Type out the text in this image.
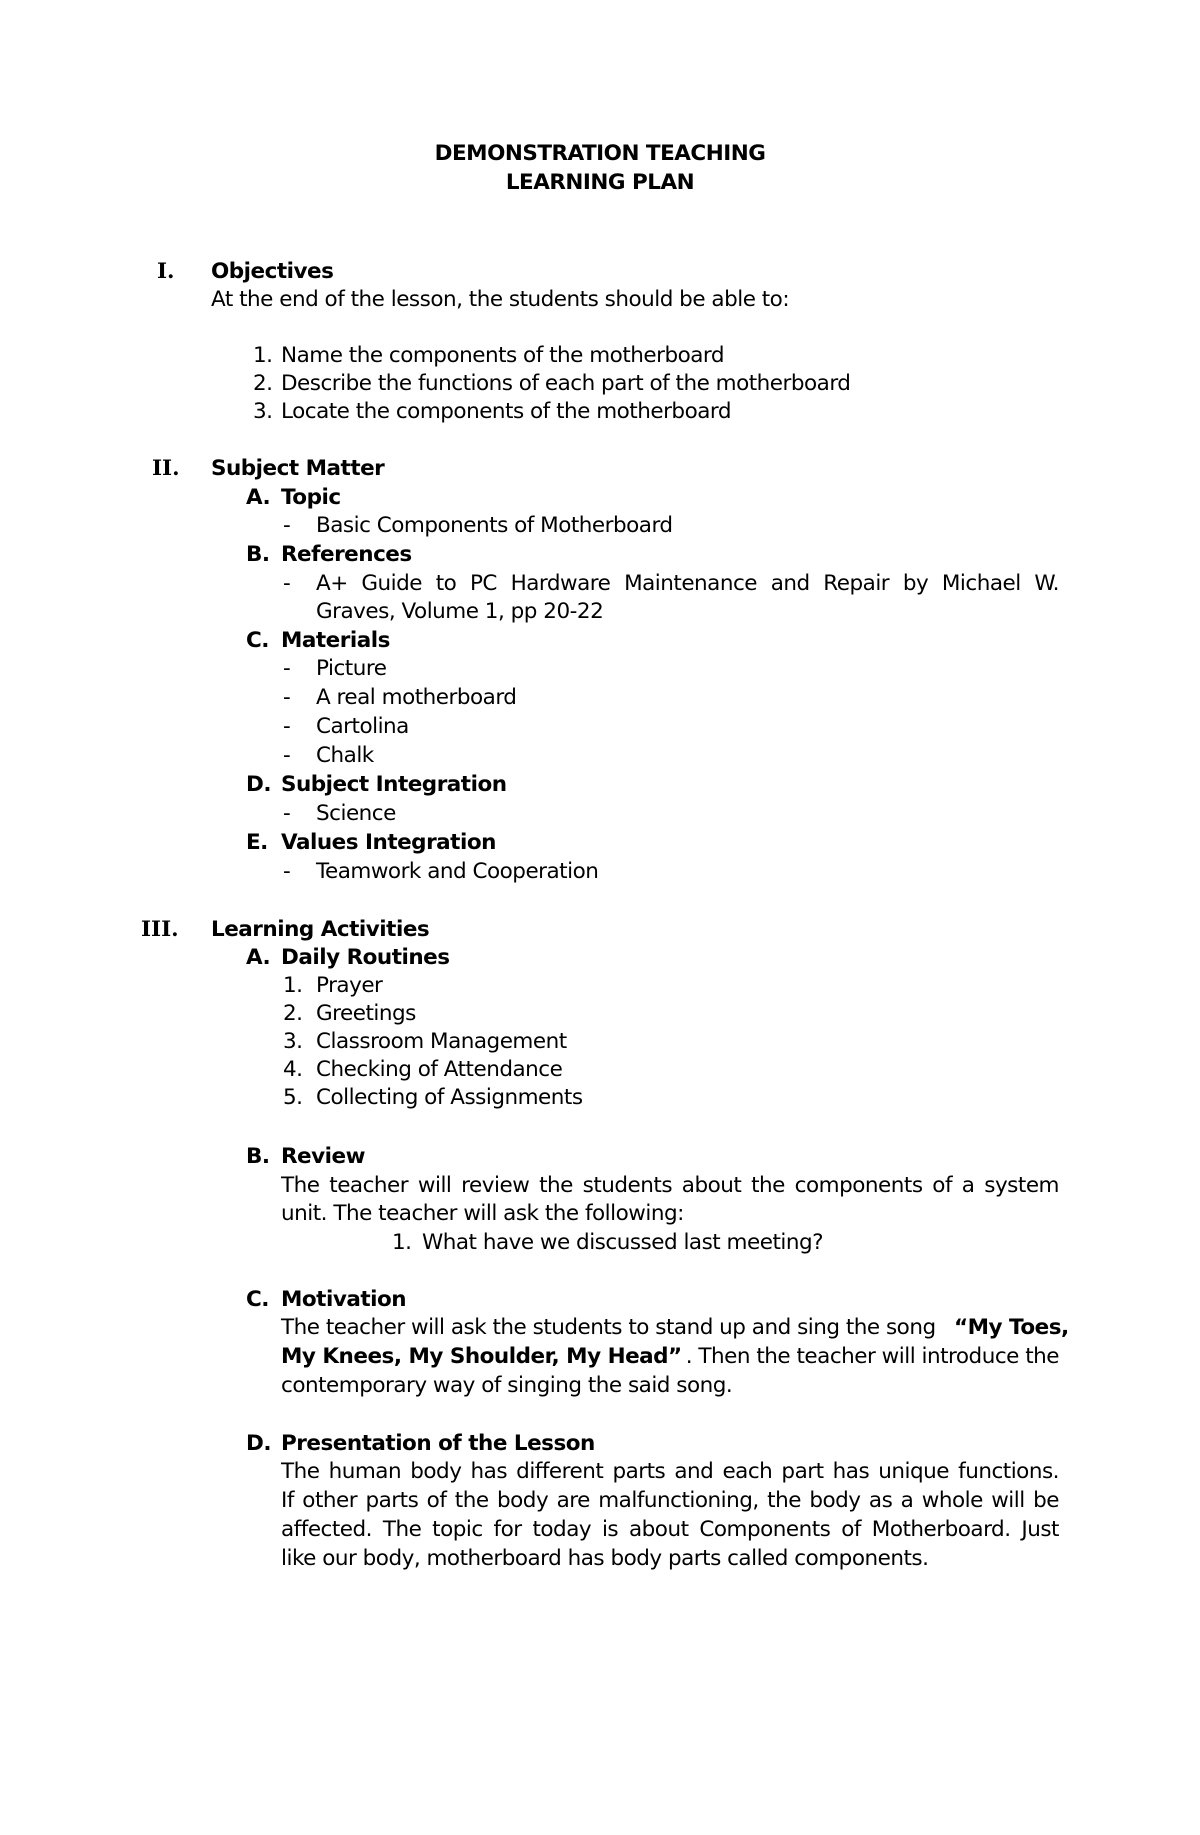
DEMONSTRATION TEACHING
LEARNING PLAN
I. Objectives
At the end of the lesson, the students should be able to:
1. Name the components of the motherboard
2. Describe the functions of each part of the motherboard
3. Locate the components of the motherboard
II. Subject Matter
A. Topic
- Basic Components of Motherboard
B. References
- A+ Guide to PC Hardware Maintenance and Repair by Michael W.
Graves, Volume 1, pp 20-22
C. Materials
- Picture
- A real motherboard
- Cartolina
- Chalk
D. Subject Integration
- Science
E. Values Integration
- Teamwork and Cooperation
III. Learning Activities
A. Daily Routines
1. Prayer
2. Greetings
3. Classroom Management
4. Checking of Attendance
5. Collecting of Assignments
B. Review
The teacher will review the students about the components of a system
unit. The teacher will ask the following:
1. What have we discussed last meeting?
C. Motivation
The teacher will ask the students to stand up and sing the song “My Toes,
My Knees, My Shoulder, My Head” . Then the teacher will introduce the
contemporary way of singing the said song.
D. Presentation of the Lesson
The human body has different parts and each part has unique functions.
If other parts of the body are malfunctioning, the body as a whole will be
affected. The topic for today is about Components of Motherboard. Just
like our body, motherboard has body parts called components.
